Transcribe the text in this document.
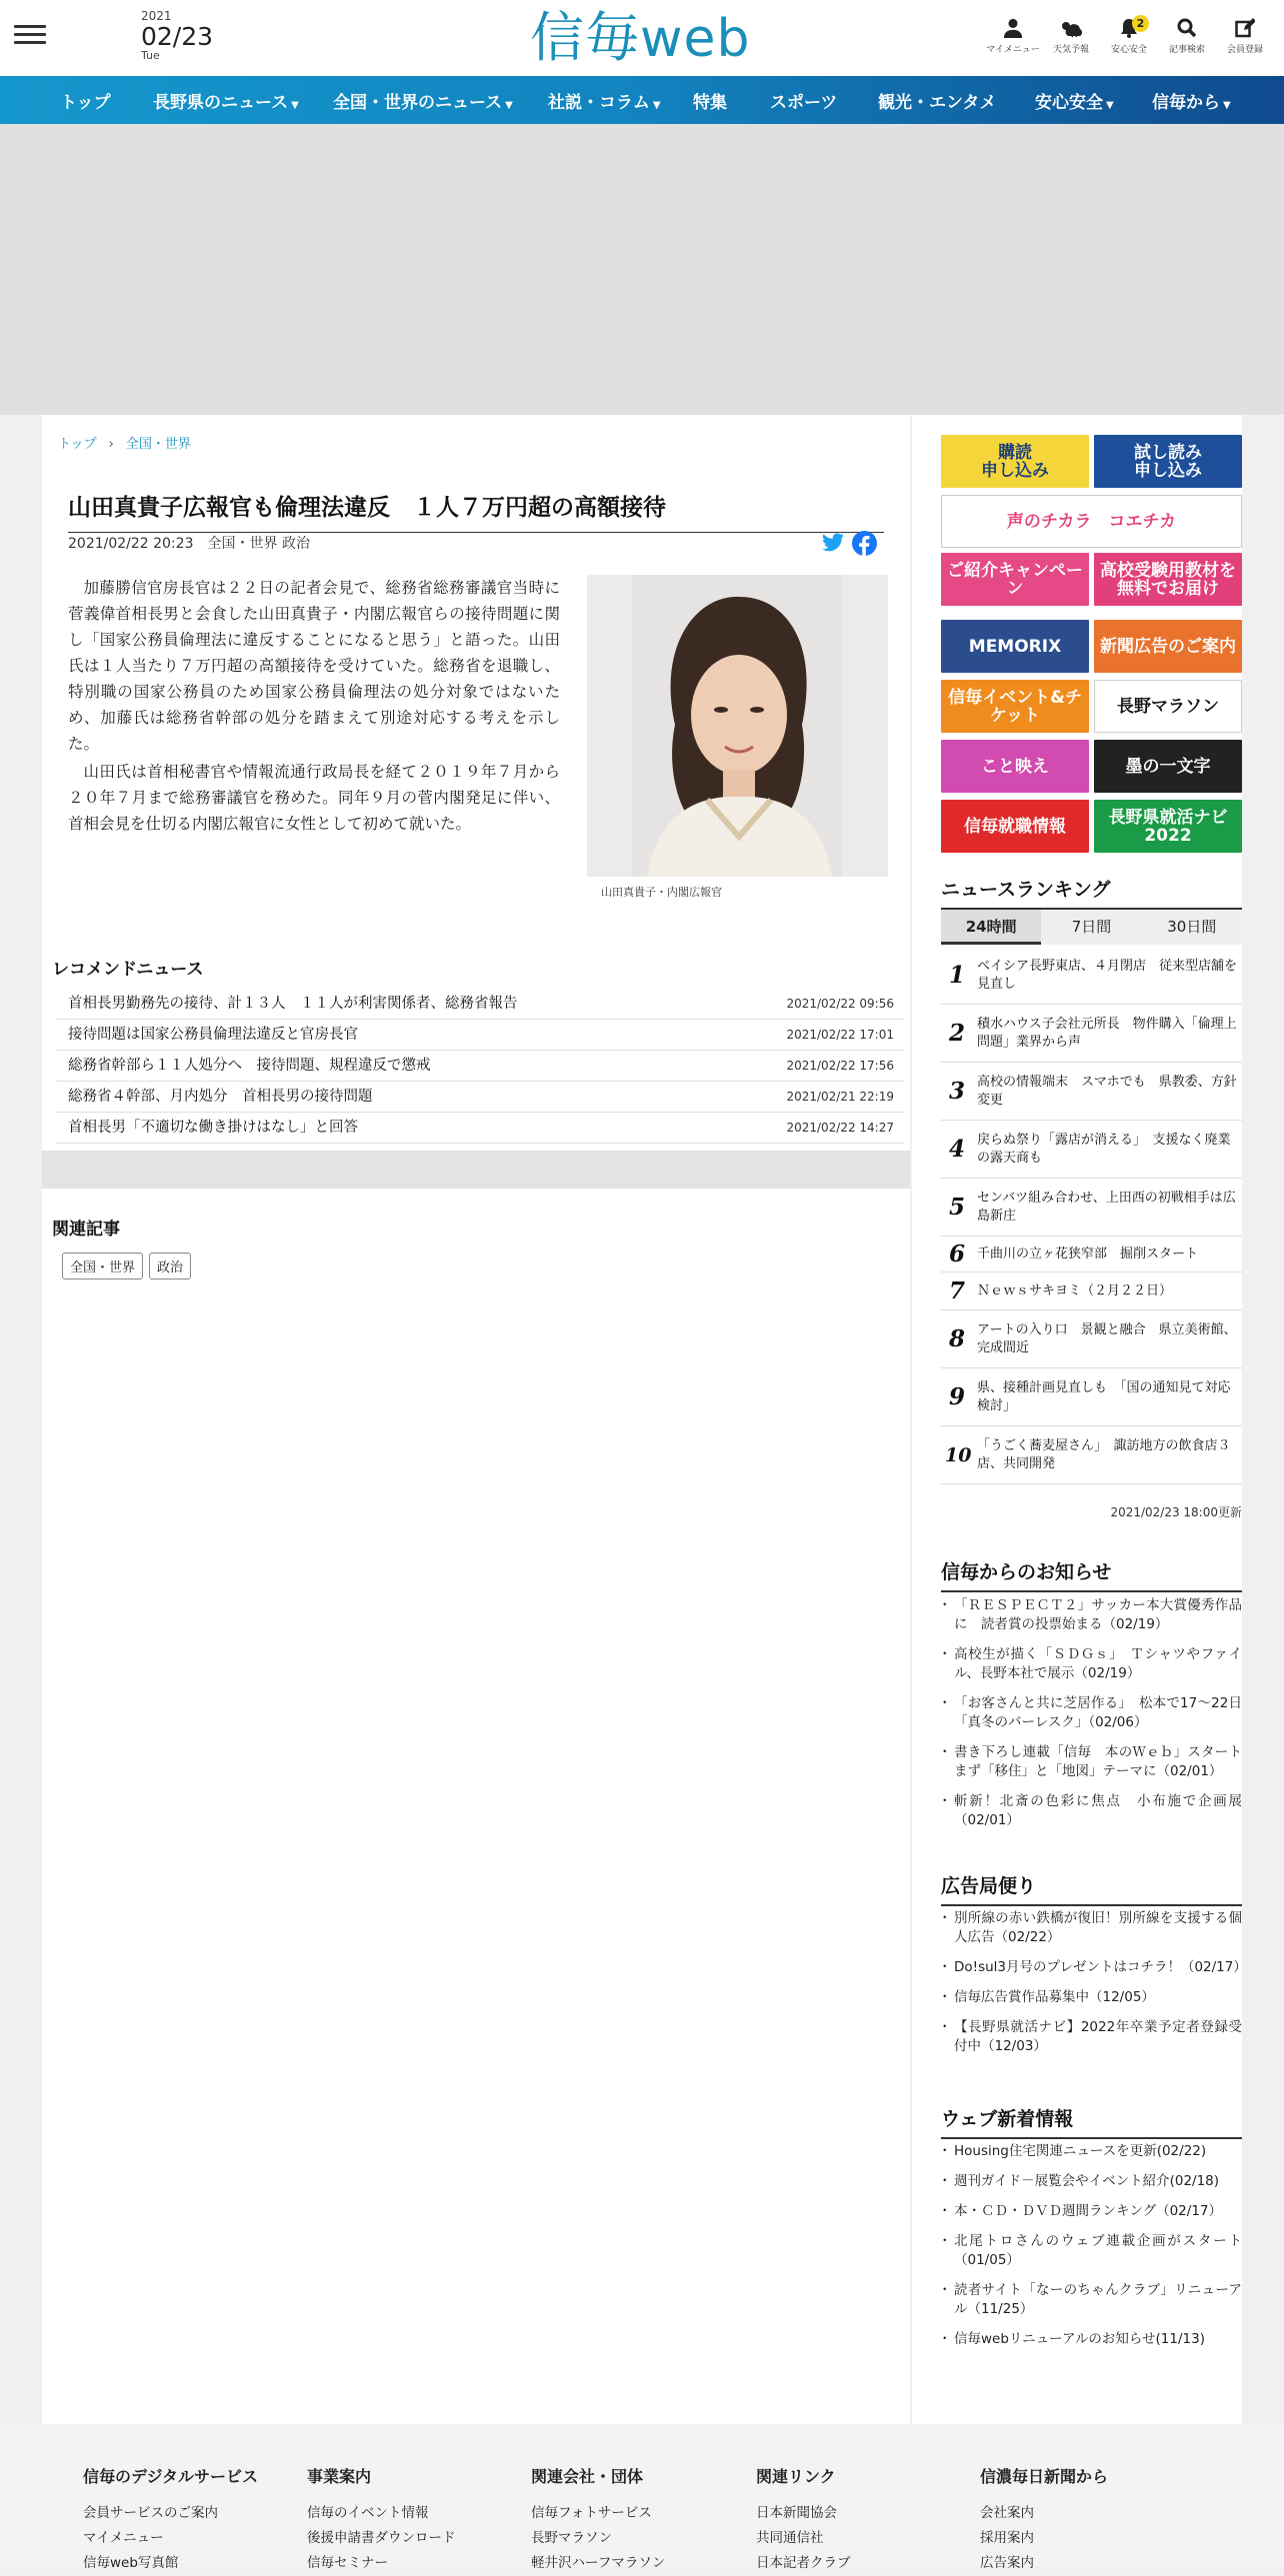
2021
02/23
Tue	信毎web	マイメニュー	天気予報
2
安心安全	記事検索	会員登録
トップ	長野県のニュース ▼ 全国・世界のニュース ▼ 社説・コラム ▼ 特集	スポーツ 観光・エンタメ 安心安全 ▼ 信毎から ▼
トップ › 全国・世界
山田真貴子広報官も倫理法違反　１人７万円超の高額接待
2021/02/22 20:23 全国・世界 政治

加藤勝信官房長官は２２日の記者会見で、総務省総務審議官当時に菅義偉首相長男と会食した山田真貴子・内閣広報官らの接待問題に関し「国家公務員倫理法に違反することになると思う」と語った。山田氏は１人当たり７万円超の高額接待を受けていた。総務省を退職し、特別職の国家公務員のため国家公務員倫理法の処分対象ではないため、加藤氏は総務省幹部の処分を踏まえて別途対応する考えを示した。

山田氏は首相秘書官や情報流通行政局長を経て２０１９年７月から２０年７月まで総務審議官を務めた。同年９月の菅内閣発足に伴い、首相会見を仕切る内閣広報官に女性として初めて就いた。

山田真貴子・内閣広報官
レコメンドニュース
首相長男勤務先の接待、計１３人　１１人が利害関係者、総務省報告	2021/02/22 09:56
接待問題は国家公務員倫理法違反と官房長官	2021/02/22 17:01
総務省幹部ら１１人処分へ　接待問題、規程違反で懲戒	2021/02/22 17:56
総務省４幹部、月内処分　首相長男の接待問題	2021/02/21 22:19
首相長男「不適切な働き掛けはなし」と回答	2021/02/22 14:27
関連記事
全国・世界	政治
ニュースランキング
24時間	7日間	30日間
1 ベイシア長野東店、４月閉店　従来型店舗を見直し
2 積水ハウス子会社元所長　物件購入「倫理上問題」業界から声
3 高校の情報端末　スマホでも　県教委、方針変更
4 戻らぬ祭り「露店が消える」　支援なく廃業の露天商も
5 センバツ組み合わせ、上田西の初戦相手は広島新庄
6 千曲川の立ヶ花狭窄部　掘削スタート
7 Ｎｅｗｓサキヨミ（２月２２日）
8 アートの入り口　景観と融合　県立美術館、完成間近
9 県、接種計画見直しも　「国の通知見て対応検討」
10 「うごく蕎麦屋さん」　諏訪地方の飲食店３店、共同開発
2021/02/23 18:00更新
信毎からのお知らせ
・ 「ＲＥＳＰＥＣＴ２」サッカー本大賞優秀作品に　読者賞の投票始まる（02/19）
・ 高校生が描く「ＳＤＧｓ」　Ｔシャツやファイル、長野本社で展示（02/19）
・ 「お客さんと共に芝居作る」　松本で17～22日「真冬のバーレスク」（02/06）
・ 書き下ろし連載「信毎　本のＷｅｂ」スタート　まず「移住」と「地図」テーマに（02/01）
・ 斬新！北斎の色彩に焦点　小布施で企画展（02/01）
広告局便り
・ 別所線の赤い鉄橋が復旧！別所線を支援する個人広告（02/22）
・ Do!sul3月号のプレゼントはコチラ！（02/17）
・ 信毎広告賞作品募集中（12/05）
・ 【長野県就活ナビ】2022年卒業予定者登録受付中（12/03）
ウェブ新着情報
・ Housing住宅関連ニュースを更新(02/22)
・ 週刊ガイド－展覧会やイベント紹介(02/18)
・ 本・ＣＤ・ＤＶＤ週間ランキング（02/17）
・ 北尾トロさんのウェブ連載企画がスタート（01/05）
・ 読者サイト「なーのちゃんクラブ」リニューアル（11/25）
・ 信毎webリニューアルのお知らせ(11/13)
購読
申し込み
試し読み
申し込み
声のチカラ　コエチカ
ご紹介キャンペーン
高校受験用教材を
無料でお届け
MEMORIX 新聞広告のご案内
信毎イベント&チケット	長野マラソン
こと映え	墨の一文字
信毎就職情報	長野県就活ナビ2022
信毎のデジタルサービス
会員サービスのご案内
マイメニュー
信毎web写真館
事業案内
信毎のイベント情報
後援申請書ダウンロード
信毎セミナー
関連会社・団体
信毎フォトサービス
長野マラソン
軽井沢ハーフマラソン
関連リンク
日本新聞協会
共同通信社
日本記者クラブ
信濃毎日新聞から
会社案内
採用案内
広告案内
